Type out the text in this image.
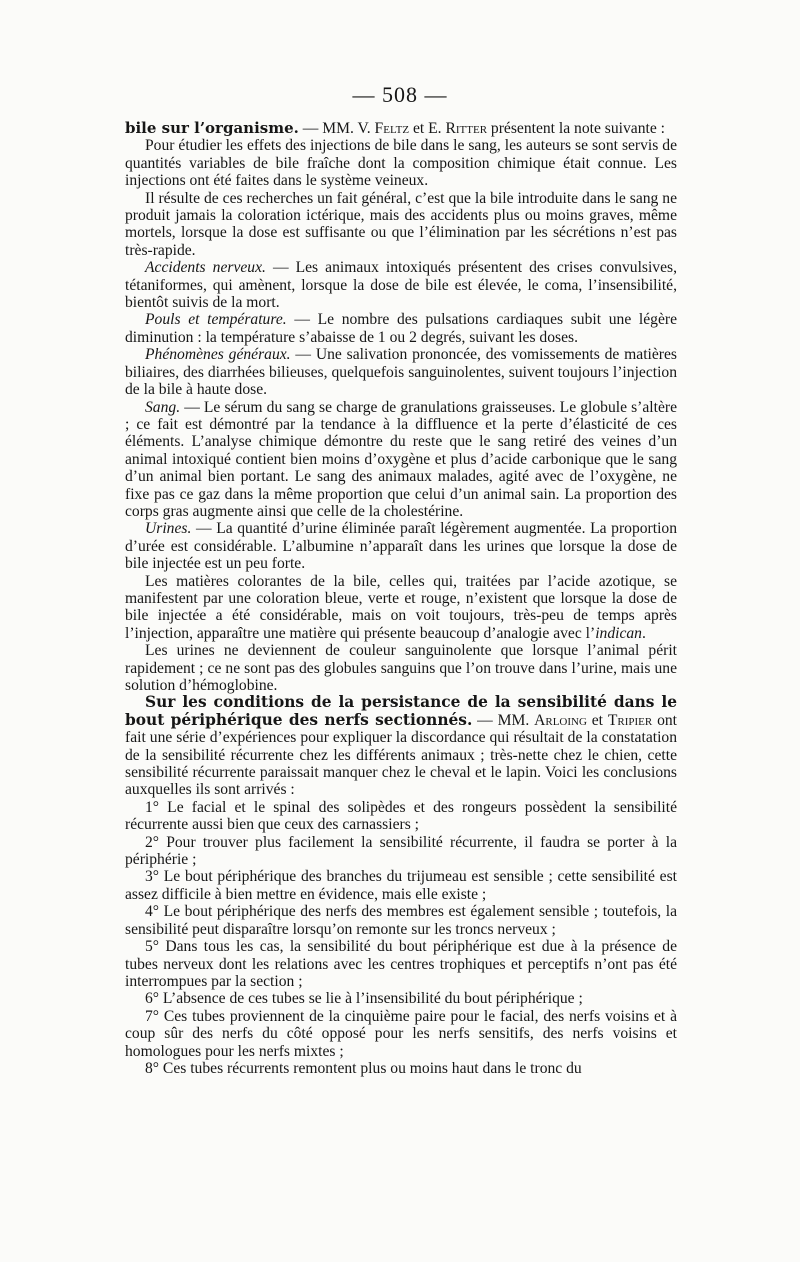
— 508 —

bile sur l’organisme. — MM. V. Feltz et E. Ritter présentent la note suivante :

Pour étudier les effets des injections de bile dans le sang, les auteurs se sont servis de quantités variables de bile fraîche dont la composition chimique était connue. Les injections ont été faites dans le système veineux.

Il résulte de ces recherches un fait général, c’est que la bile introduite dans le sang ne produit jamais la coloration ictérique, mais des accidents plus ou moins graves, même mortels, lorsque la dose est suffisante ou que l’élimination par les sécrétions n’est pas très-rapide.

Accidents nerveux. — Les animaux intoxiqués présentent des crises convulsives, tétaniformes, qui amènent, lorsque la dose de bile est élevée, le coma, l’insensibilité, bientôt suivis de la mort.

Pouls et température. — Le nombre des pulsations cardiaques subit une légère diminution : la température s’abaisse de 1 ou 2 degrés, suivant les doses.

Phénomènes généraux. — Une salivation prononcée, des vomissements de matières biliaires, des diarrhées bilieuses, quelquefois sanguinolentes, suivent toujours l’injection de la bile à haute dose.

Sang. — Le sérum du sang se charge de granulations graisseuses. Le globule s’altère ; ce fait est démontré par la tendance à la diffluence et la perte d’élasticité de ces éléments. L’analyse chimique démontre du reste que le sang retiré des veines d’un animal intoxiqué contient bien moins d’oxygène et plus d’acide carbonique que le sang d’un animal bien portant. Le sang des animaux malades, agité avec de l’oxygène, ne fixe pas ce gaz dans la même proportion que celui d’un animal sain. La proportion des corps gras augmente ainsi que celle de la cholestérine.

Urines. — La quantité d’urine éliminée paraît légèrement augmentée. La proportion d’urée est considérable. L’albumine n’apparaît dans les urines que lorsque la dose de bile injectée est un peu forte.

Les matières colorantes de la bile, celles qui, traitées par l’acide azotique, se manifestent par une coloration bleue, verte et rouge, n’existent que lorsque la dose de bile injectée a été considérable, mais on voit toujours, très-peu de temps après l’injection, apparaître une matière qui présente beaucoup d’analogie avec l’indican.

Les urines ne deviennent de couleur sanguinolente que lorsque l’animal périt rapidement ; ce ne sont pas des globules sanguins que l’on trouve dans l’urine, mais une solution d’hémoglobine.

Sur les conditions de la persistance de la sensibilité dans le bout périphérique des nerfs sectionnés. — MM. Arloing et Tripier ont fait une série d’expériences pour expliquer la discordance qui résultait de la constatation de la sensibilité récurrente chez les différents animaux ; très-nette chez le chien, cette sensibilité récurrente paraissait manquer chez le cheval et le lapin. Voici les conclusions auxquelles ils sont arrivés :

1° Le facial et le spinal des solipèdes et des rongeurs possèdent la sensibilité récurrente aussi bien que ceux des carnassiers ;

2° Pour trouver plus facilement la sensibilité récurrente, il faudra se porter à la périphérie ;

3° Le bout périphérique des branches du trijumeau est sensible ; cette sensibilité est assez difficile à bien mettre en évidence, mais elle existe ;

4° Le bout périphérique des nerfs des membres est également sensible ; toutefois, la sensibilité peut disparaître lorsqu’on remonte sur les troncs nerveux ;

5° Dans tous les cas, la sensibilité du bout périphérique est due à la présence de tubes nerveux dont les relations avec les centres trophiques et perceptifs n’ont pas été interrompues par la section ;

6° L’absence de ces tubes se lie à l’insensibilité du bout périphérique ;

7° Ces tubes proviennent de la cinquième paire pour le facial, des nerfs voisins et à coup sûr des nerfs du côté opposé pour les nerfs sensitifs, des nerfs voisins et homologues pour les nerfs mixtes ;

8° Ces tubes récurrents remontent plus ou moins haut dans le tronc du
